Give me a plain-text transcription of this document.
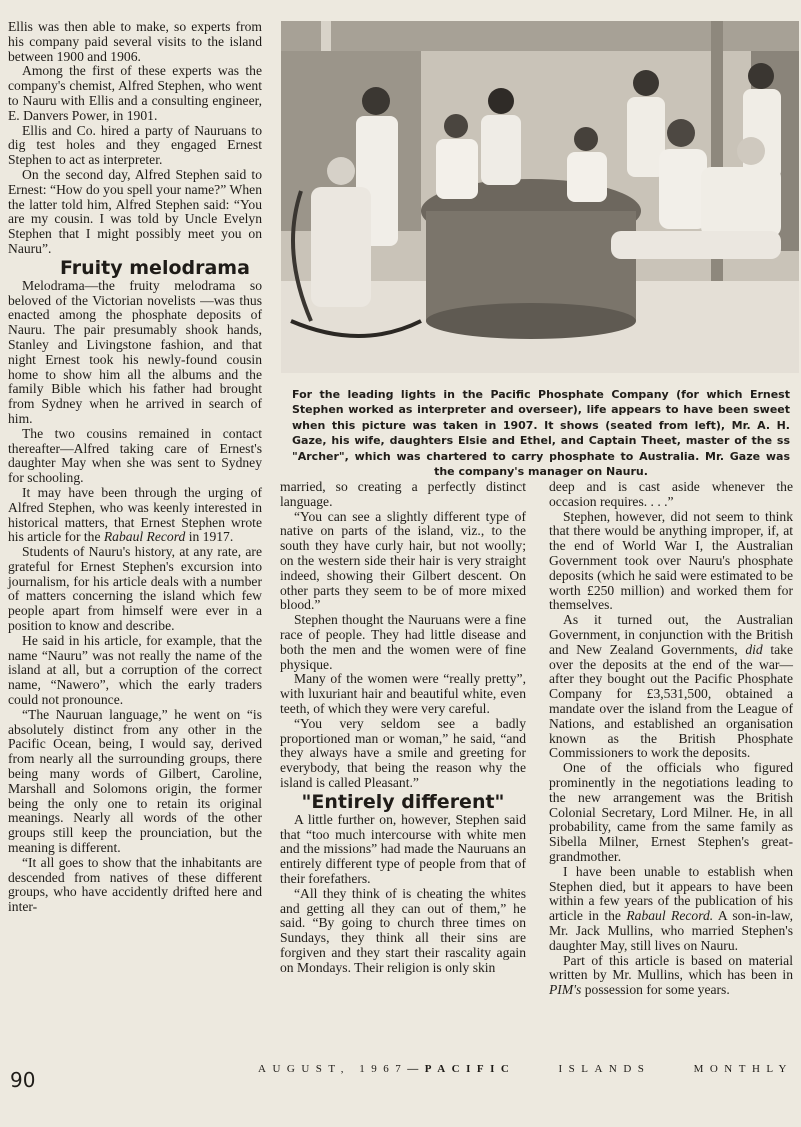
Ellis was then able to make, so experts from his company paid several visits to the island between 1900 and 1906.

Among the first of these experts was the company's chemist, Alfred Stephen, who went to Nauru with Ellis and a consulting engineer, E. Danvers Power, in 1901.

Ellis and Co. hired a party of Nauruans to dig test holes and they engaged Ernest Stephen to act as interpreter.

On the second day, Alfred Stephen said to Ernest: “How do you spell your name?” When the latter told him, Alfred Stephen said: “You are my cousin. I was told by Uncle Evelyn Stephen that I might possibly meet you on Nauru”.

Fruity melodrama

Melodrama—the fruity melodrama so beloved of the Victorian novelists —was thus enacted among the phosphate deposits of Nauru. The pair presumably shook hands, Stanley and Livingstone fashion, and that night Ernest took his newly-found cousin home to show him all the albums and the family Bible which his father had brought from Sydney when he arrived in search of him.

The two cousins remained in contact thereafter—Alfred taking care of Ernest's daughter May when she was sent to Sydney for schooling.

It may have been through the urging of Alfred Stephen, who was keenly interested in historical matters, that Ernest Stephen wrote his article for the Rabaul Record in 1917.

Students of Nauru's history, at any rate, are grateful for Ernest Stephen's excursion into journalism, for his article deals with a number of matters concerning the island which few people apart from himself were ever in a position to know and describe.

He said in his article, for example, that the name “Nauru” was not really the name of the island at all, but a corruption of the correct name, “Nawero”, which the early traders could not pronounce.

“The Nauruan language,” he went on “is absolutely distinct from any other in the Pacific Ocean, being, I would say, derived from nearly all the surrounding groups, there being many words of Gilbert, Caroline, Marshall and Solomons origin, the former being the only one to retain its original meanings. Nearly all words of the other groups still keep the prounciation, but the meaning is different.

“It all goes to show that the inhabitants are descended from natives of these different groups, who have accidently drifted here and inter-

For the leading lights in the Pacific Phosphate Company (for which Ernest Stephen worked as interpreter and overseer), life appears to have been sweet when this picture was taken in 1907. It shows (seated from left), Mr. A. H. Gaze, his wife, daughters Elsie and Ethel, and Captain Theet, master of the ss "Archer", which was chartered to carry phosphate to Australia. Mr. Gaze was the company's manager on Nauru.

married, so creating a perfectly distinct language.

“You can see a slightly different type of native on parts of the island, viz., to the south they have curly hair, but not woolly; on the western side their hair is very straight indeed, showing their Gilbert descent. On other parts they seem to be of more mixed blood.”

Stephen thought the Nauruans were a fine race of people. They had little disease and both the men and the women were of fine physique.

Many of the women were “really pretty”, with luxuriant hair and beautiful white, even teeth, of which they were very careful.

“You very seldom see a badly proportioned man or woman,” he said, “and they always have a smile and greeting for everybody, that being the reason why the island is called Pleasant.”

"Entirely different"

A little further on, however, Stephen said that “too much intercourse with white men and the missions” had made the Nauruans an entirely different type of people from that of their forefathers.

“All they think of is cheating the whites and getting all they can out of them,” he said. “By going to church three times on Sundays, they think all their sins are forgiven and they start their rascality again on Mondays. Their religion is only skin

deep and is cast aside whenever the occasion requires. . . .”

Stephen, however, did not seem to think that there would be anything improper, if, at the end of World War I, the Australian Government took over Nauru's phosphate deposits (which he said were estimated to be worth £250 million) and worked them for themselves.

As it turned out, the Australian Government, in conjunction with the British and New Zealand Governments, did take over the deposits at the end of the war—after they bought out the Pacific Phosphate Company for £3,531,500, obtained a mandate over the island from the League of Nations, and established an organisation known as the British Phosphate Commissioners to work the deposits.

One of the officials who figured prominently in the negotiations leading to the new arrangement was the British Colonial Secretary, Lord Milner. He, in all probability, came from the same family as Sibella Milner, Ernest Stephen's great-grandmother.

I have been unable to establish when Stephen died, but it appears to have been within a few years of the publication of his article in the Rabaul Record. A son-in-law, Mr. Jack Mullins, who married Stephen's daughter May, still lives on Nauru.

Part of this article is based on material written by Mr. Mullins, which has been in PIM's possession for some years.

90	AUGUST, 1967—PACIFIC	ISLANDS	MONTHLY
